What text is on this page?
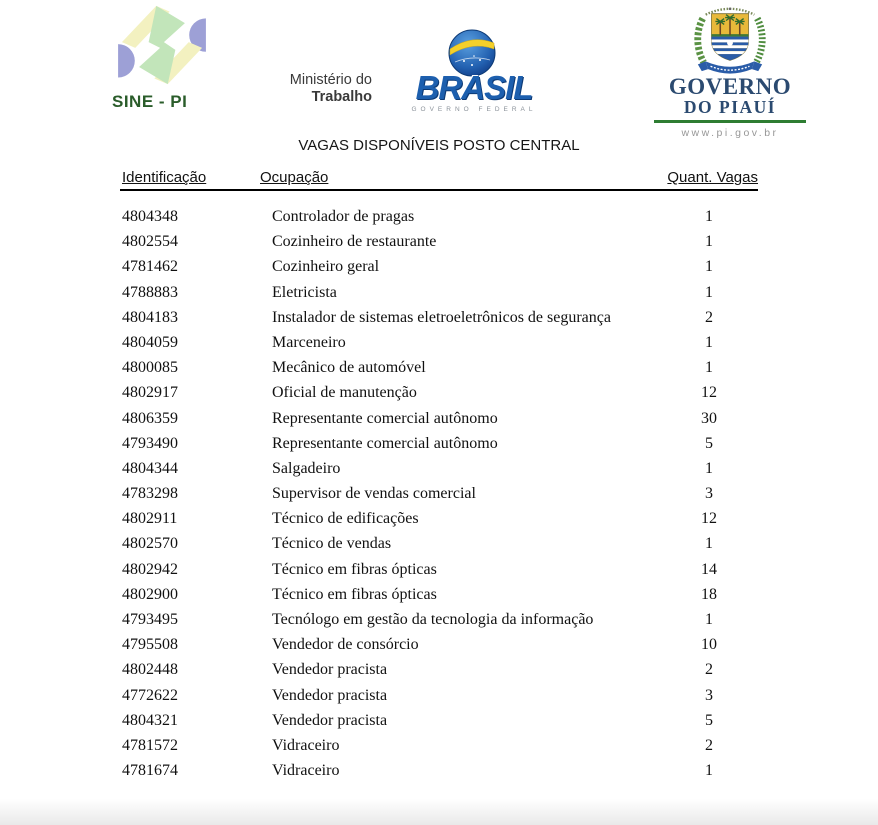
SINE - PI
Ministério do
Trabalho	BRASIL
GOVERNO FEDERAL
GOVERNO
DO PIAUÍ
www.pi.gov.br
VAGAS DISPONÍVEIS POSTO CENTRAL
Identificação	Ocupação	Quant. Vagas
4804348	Controlador de pragas	1
4802554	Cozinheiro de restaurante	1
4781462	Cozinheiro geral	1
4788883	Eletricista	1
4804183	Instalador de sistemas eletroeletrônicos de segurança	2
4804059	Marceneiro	1
4800085	Mecânico de automóvel	1
4802917	Oficial de manutenção	12
4806359	Representante comercial autônomo	30
4793490	Representante comercial autônomo	5
4804344	Salgadeiro	1
4783298	Supervisor de vendas comercial	3
4802911	Técnico de edificações	12
4802570	Técnico de vendas	1
4802942	Técnico em fibras ópticas	14
4802900	Técnico em fibras ópticas	18
4793495	Tecnólogo em gestão da tecnologia da informação	1
4795508	Vendedor de consórcio	10
4802448	Vendedor pracista	2
4772622	Vendedor pracista	3
4804321	Vendedor pracista	5
4781572	Vidraceiro	2
4781674	Vidraceiro	1
